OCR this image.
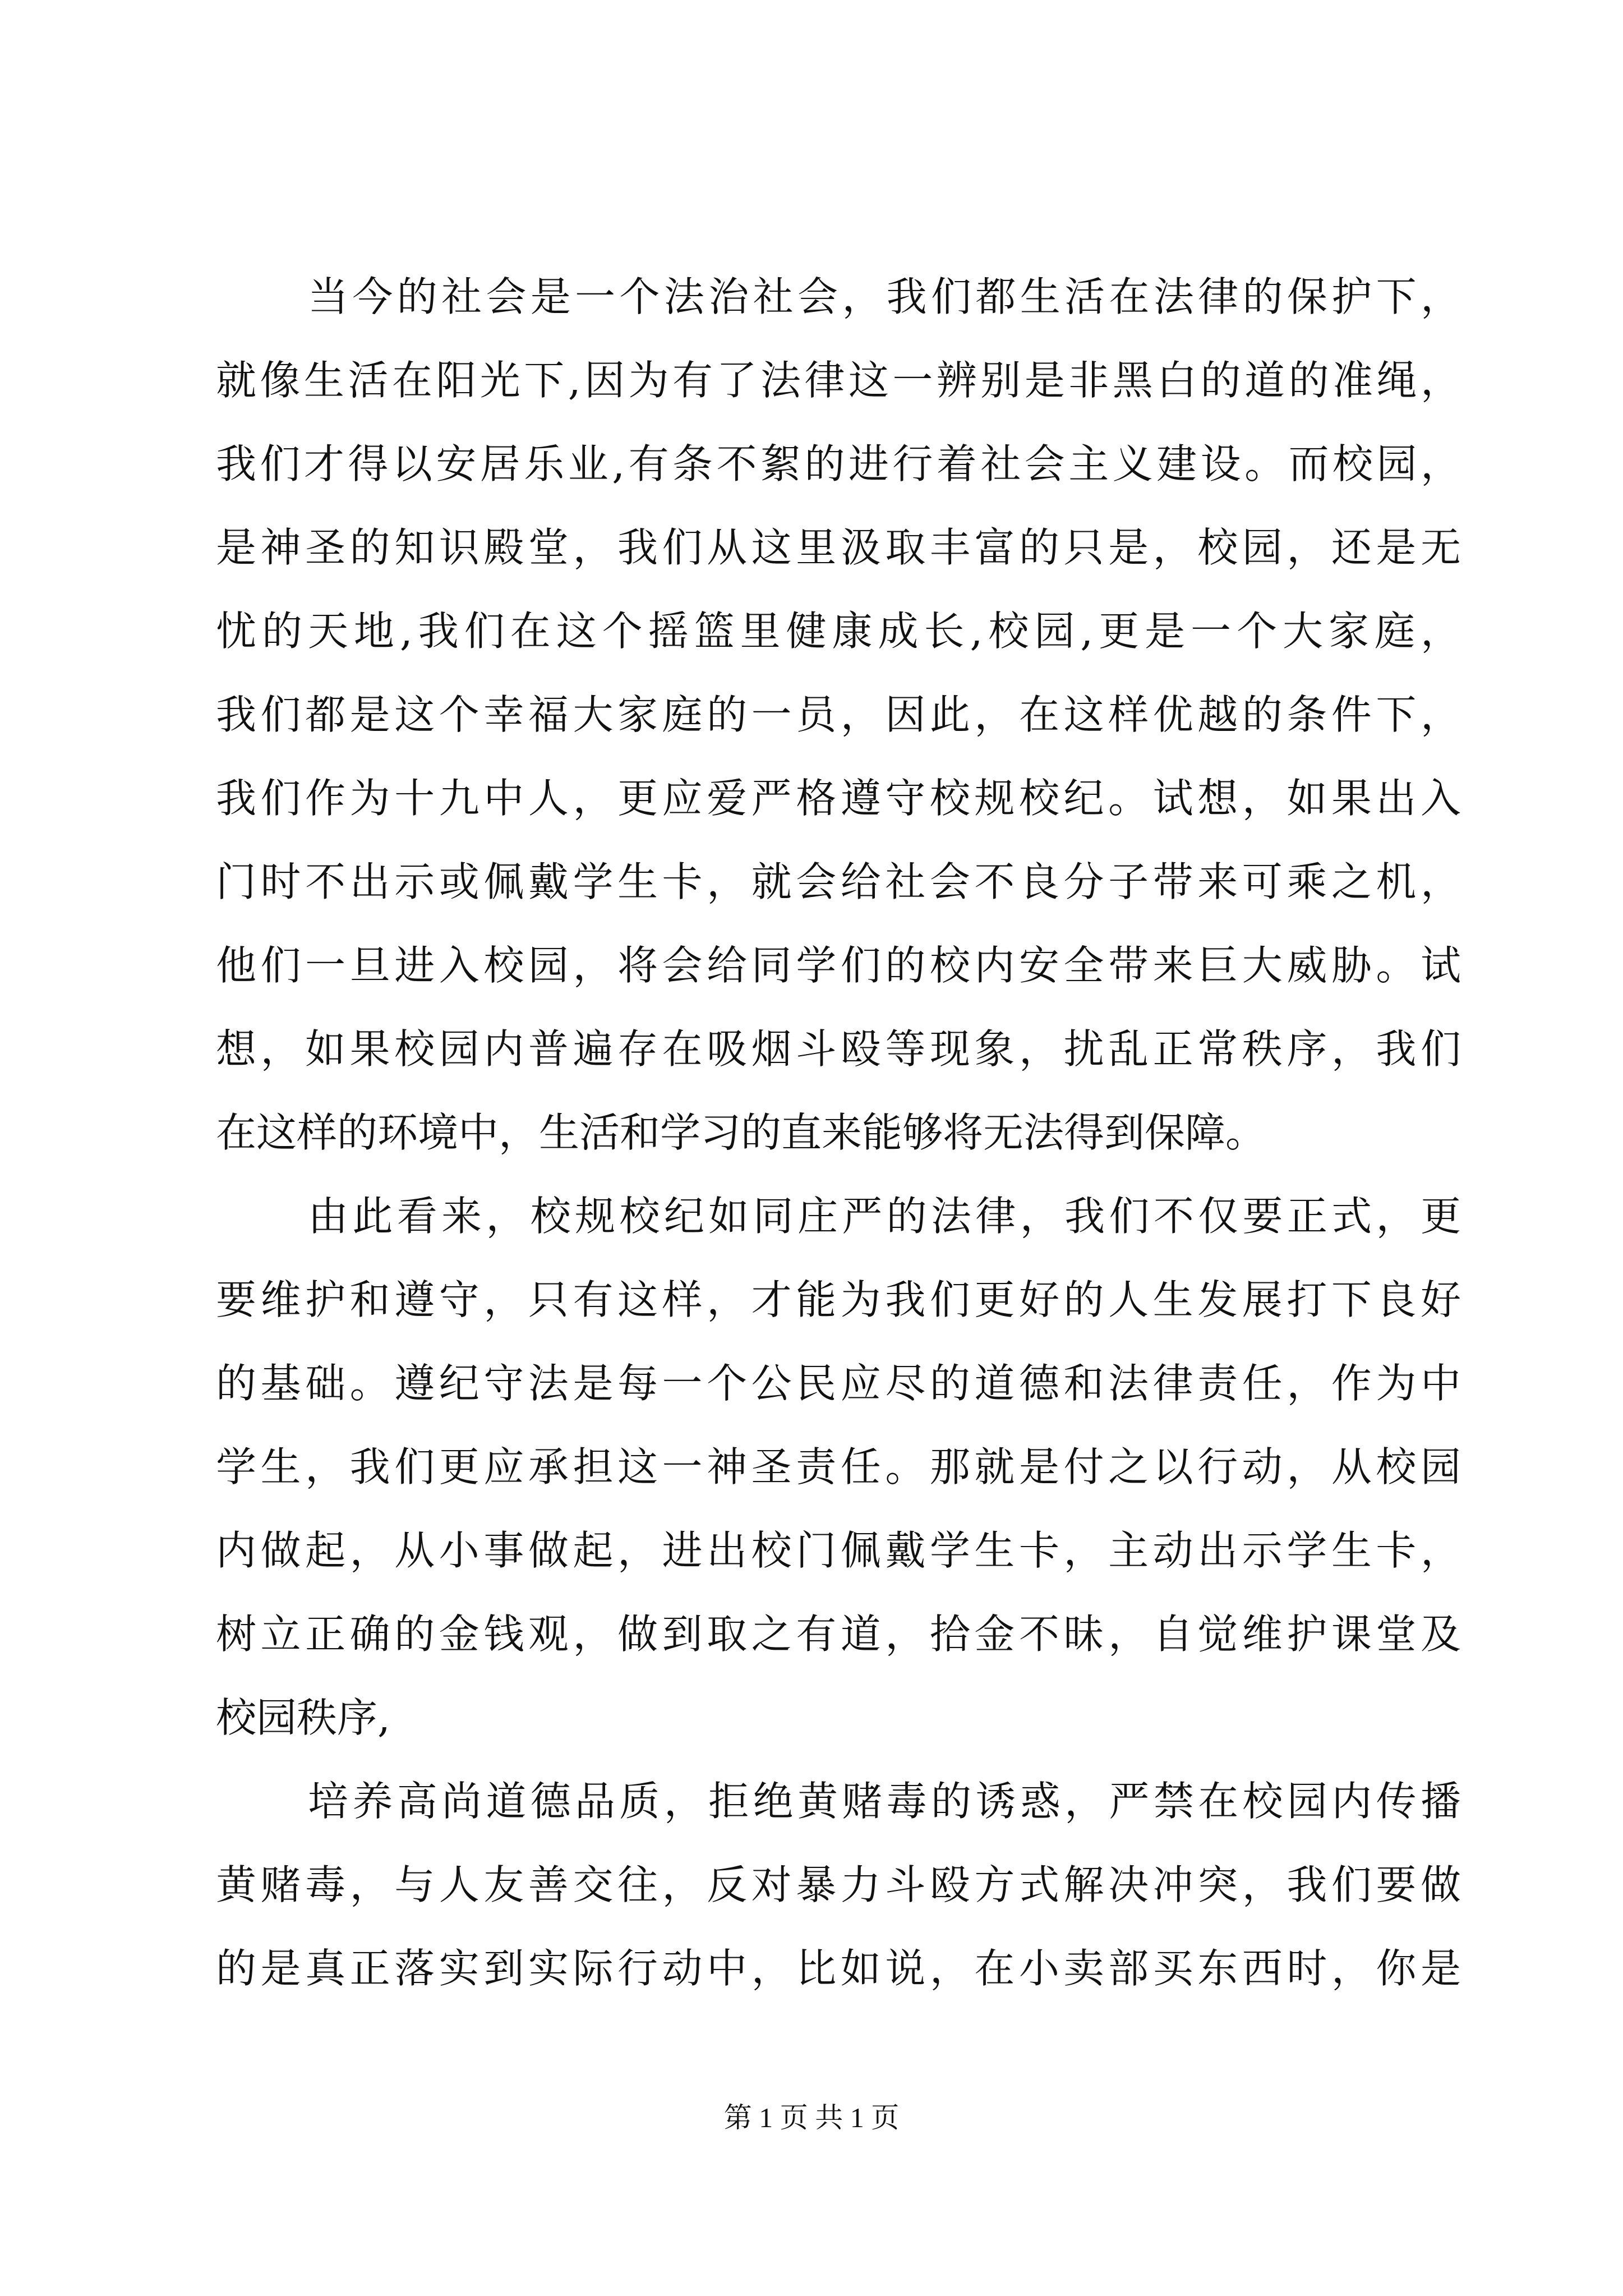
当今的社会是一个法治社会，我们都生活在法律的保护下，
就像生活在阳光下,因为有了法律这一辨别是非黑白的道的准绳，
我们才得以安居乐业,有条不絮的进行着社会主义建设。而校园，
是神圣的知识殿堂，我们从这里汲取丰富的只是，校园，还是无
忧的天地,我们在这个摇篮里健康成长,校园,更是一个大家庭，
我们都是这个幸福大家庭的一员，因此，在这样优越的条件下，
我们作为十九中人，更应爱严格遵守校规校纪。试想，如果出入
门时不出示或佩戴学生卡，就会给社会不良分子带来可乘之机，
他们一旦进入校园，将会给同学们的校内安全带来巨大威胁。试
想，如果校园内普遍存在吸烟斗殴等现象，扰乱正常秩序，我们
在这样的环境中，生活和学习的直来能够将无法得到保障。
由此看来，校规校纪如同庄严的法律，我们不仅要正式，更
要维护和遵守，只有这样，才能为我们更好的人生发展打下良好
的基础。遵纪守法是每一个公民应尽的道德和法律责任，作为中
学生，我们更应承担这一神圣责任。那就是付之以行动，从校园
内做起，从小事做起，进出校门佩戴学生卡，主动出示学生卡，
树立正确的金钱观，做到取之有道，拾金不昧，自觉维护课堂及
校园秩序,
培养高尚道德品质，拒绝黄赌毒的诱惑，严禁在校园内传播
黄赌毒，与人友善交往，反对暴力斗殴方式解决冲突，我们要做
的是真正落实到实际行动中，比如说，在小卖部买东西时，你是
第 1 页 共 1 页
